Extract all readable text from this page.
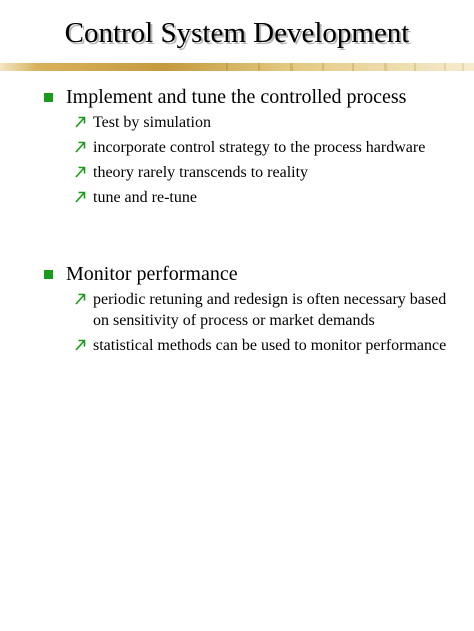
Control System Development
Implement and tune the controlled process
Test by simulation
incorporate control strategy to the process hardware
theory rarely transcends to reality
tune and re-tune
Monitor performance
periodic retuning and redesign is often necessary based on sensitivity of process or market demands
statistical methods can be used to monitor performance
